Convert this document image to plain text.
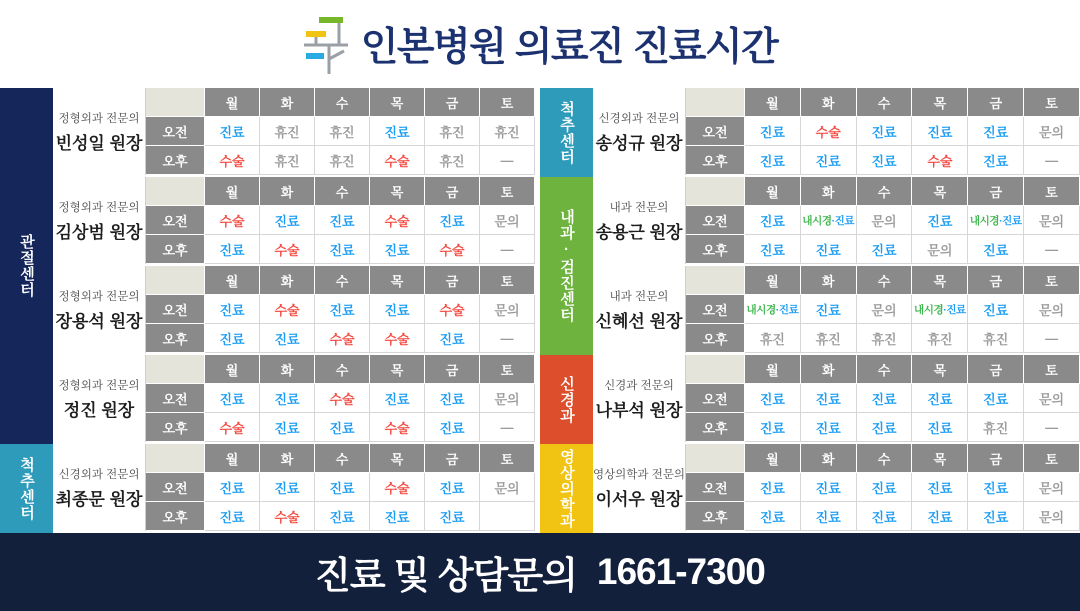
인본병원 의료진 진료시간
관절센터
척추센터
정형외과 전문의
빈성일 원장
월	화	수	목	금	토
오전	진료 휴진 휴진 진료 휴진 휴진
오후	수술 휴진 휴진 수술 휴진	—
정형외과 전문의
김상범 원장
월	화	수	목	금	토
오전	수술 진료 진료 수술 진료 문의
오후	진료 수술 진료 진료 수술	—
정형외과 전문의
장용석 원장
월	화	수	목	금	토
오전	진료 수술 진료 진료 수술 문의
오후	진료 진료 수술 수술 진료	—
정형외과 전문의
정진 원장
월	화	수	목	금	토
오전	진료 진료 수술 진료 진료 문의
오후	수술 진료 진료 수술 진료	—
신경외과 전문의
최종문 원장
월	화	수	목	금	토
오전	진료 진료 진료 수술 진료 문의
오후	진료 수술 진료 진료 진료
척추센터
내과·검진센터
신경과
영상의학과
신경외과 전문의
송성규 원장
월	화	수	목	금	토
오전	진료 수술 진료 진료 진료 문의
오후	진료 진료 진료 수술 진료	—
내과 전문의
송용근 원장
월	화	수	목	금	토
오전	진료 내시경 ·진료 문의 진료 내시경 ·진료 문의
오후	진료 진료 진료 문의 진료	—
내과 전문의
신혜선 원장
월	화	수	목	금	토
오전	내시경 ·진료 진료 문의 내시경 ·진료 진료 문의
오후	휴진 휴진 휴진 휴진 휴진	—
신경과 전문의
나부석 원장
월	화	수	목	금	토
오전	진료 진료 진료 진료 진료 문의
오후	진료 진료 진료 진료 휴진	—
영상의학과 전문의
이서우 원장
월	화	수	목	금	토
오전	진료 진료 진료 진료 진료 문의
오후	진료 진료 진료 진료 진료 문의
진료 및 상담문의 1661-7300
